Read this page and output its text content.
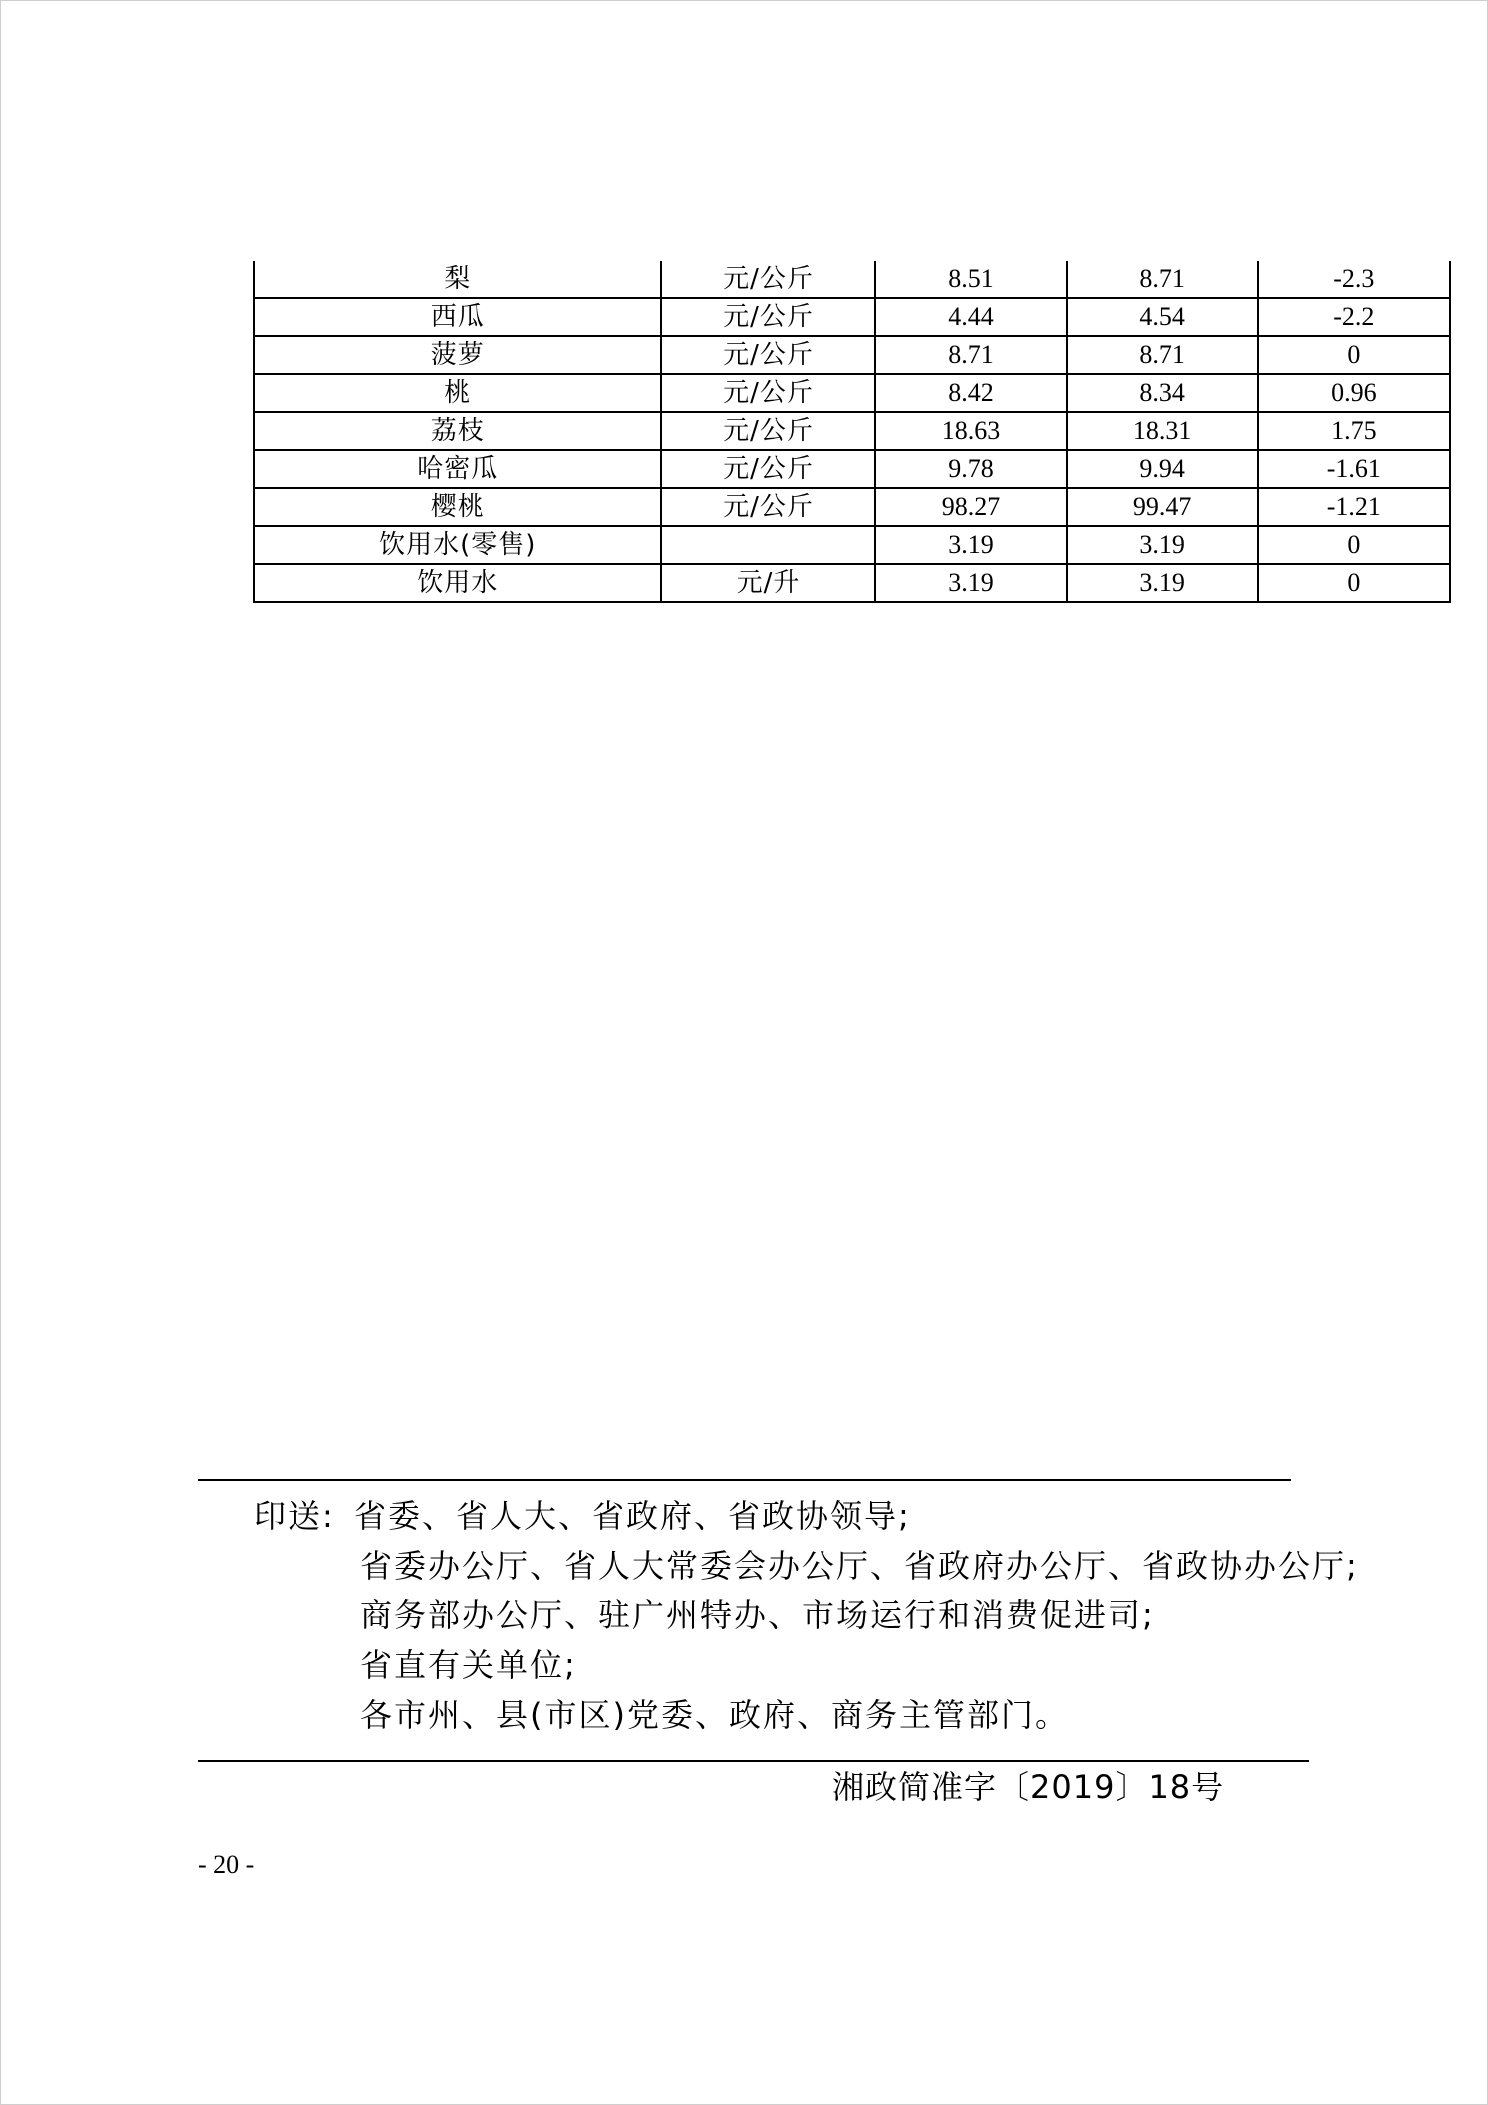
梨	元/公斤	8.51	8.71	-2.3
西瓜	元/公斤	4.44	4.54	-2.2
菠萝	元/公斤	8.71	8.71	0
桃	元/公斤	8.42	8.34	0.96
荔枝	元/公斤	18.63	18.31	1.75
哈密瓜	元/公斤	9.78	9.94	-1.61
樱桃	元/公斤	98.27	99.47	-1.21
饮用水(零售)		3.19	3.19	0
饮用水	元/升	3.19	3.19	0
印送: 省委、省人大、省政府、省政协领导;
省委办公厅、省人大常委会办公厅、省政府办公厅、省政协办公厅;
商务部办公厅、驻广州特办、市场运行和消费促进司;
省直有关单位;
各市州、县(市区)党委、政府、商务主管部门。
湘政简准字〔2019〕18号
- 20 -
